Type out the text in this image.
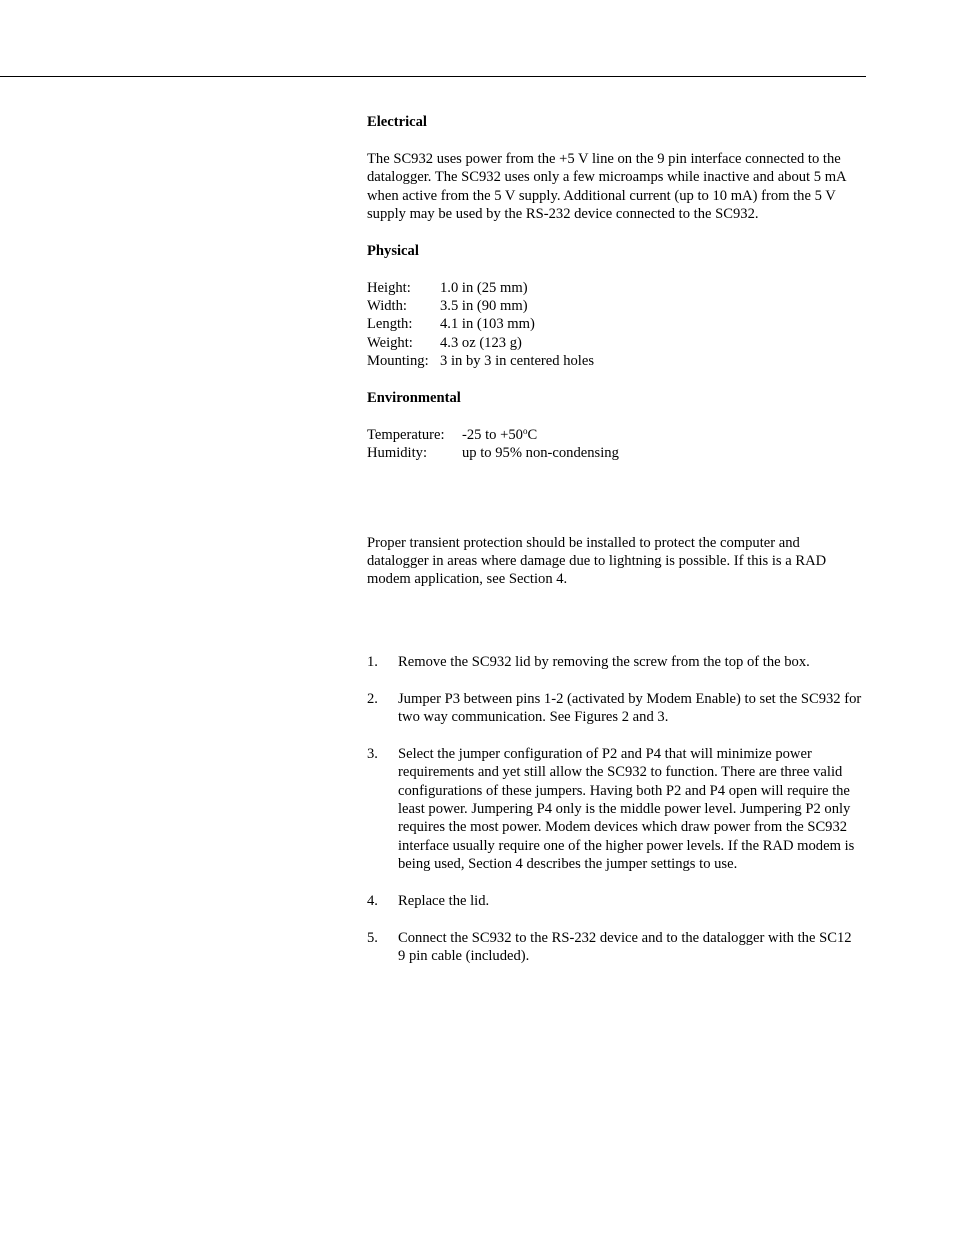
Electrical

The SC932 uses power from the +5 V line on the 9 pin interface connected to the datalogger. The SC932 uses only a few microamps while inactive and about 5 mA when active from the 5 V supply. Additional current (up to 10 mA) from the 5 V supply may be used by the RS-232 device connected to the SC932.

Physical

Height:	1.0 in (25 mm)
Width:	3.5 in (90 mm)
Length:	4.1 in (103 mm)
Weight:	4.3 oz (123 g)
Mounting: 3 in by 3 in centered holes

Environmental

Temperature:	-25 to $+50^oC$
Humidity:	up to 95% non-condensing

Proper transient protection should be installed to protect the computer and datalogger in areas where damage due to lightning is possible. If this is a RAD modem application, see Section 4.

1.	Remove the SC932 lid by removing the screw from the top of the box.
2.	Jumper P3 between pins 1-2 (activated by Modem Enable) to set the SC932 for two way communication. See Figures 2 and 3.
3.	Select the jumper configuration of P2 and P4 that will minimize power requirements and yet still allow the SC932 to function. There are three valid configurations of these jumpers. Having both P2 and P4 open will require the least power. Jumpering P4 only is the middle power level. Jumpering P2 only requires the most power. Modem devices which draw power from the SC932 interface usually require one of the higher power levels. If the RAD modem is being used, Section 4 describes the jumper settings to use.
4.	Replace the lid.
5.	Connect the SC932 to the RS-232 device and to the datalogger with the SC12 9 pin cable (included).
